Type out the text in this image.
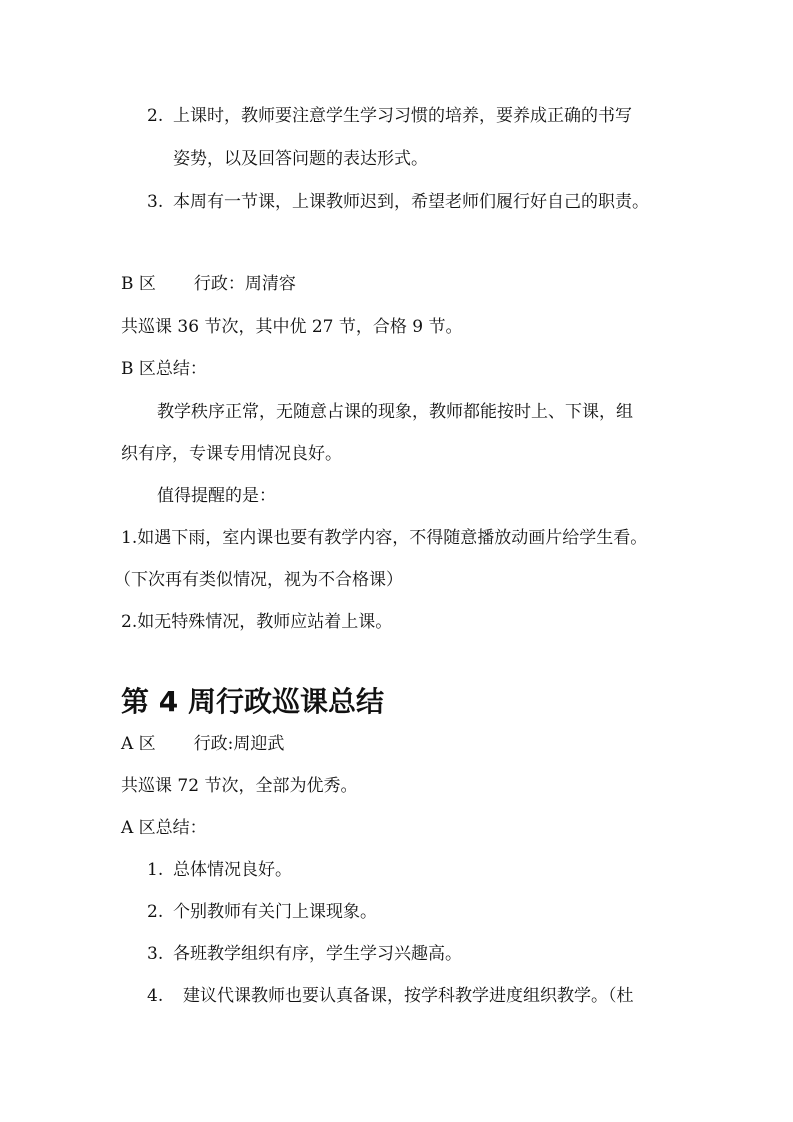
2. 上课时，教师要注意学生学习习惯的培养，要养成正确的书写
姿势，以及回答问题的表达形式。
3. 本周有一节课，上课教师迟到，希望老师们履行好自己的职责。
B 区 行政：周清容
共巡课 36 节次，其中优 27 节，合格 9 节。
B 区总结：
教学秩序正常，无随意占课的现象，教师都能按时上、下课，组
织有序，专课专用情况良好。
值得提醒的是：
1.如遇下雨，室内课也要有教学内容，不得随意播放动画片给学生看。
（下次再有类似情况，视为不合格课）
2.如无特殊情况，教师应站着上课。
第 4 周行政巡课总结
A 区 行政:周迎武
共巡课 72 节次，全部为优秀。
A 区总结：
1. 总体情况良好。
2. 个别教师有关门上课现象。
3. 各班教学组织有序，学生学习兴趣高。
4. 建议代课教师也要认真备课，按学科教学进度组织教学。（杜
